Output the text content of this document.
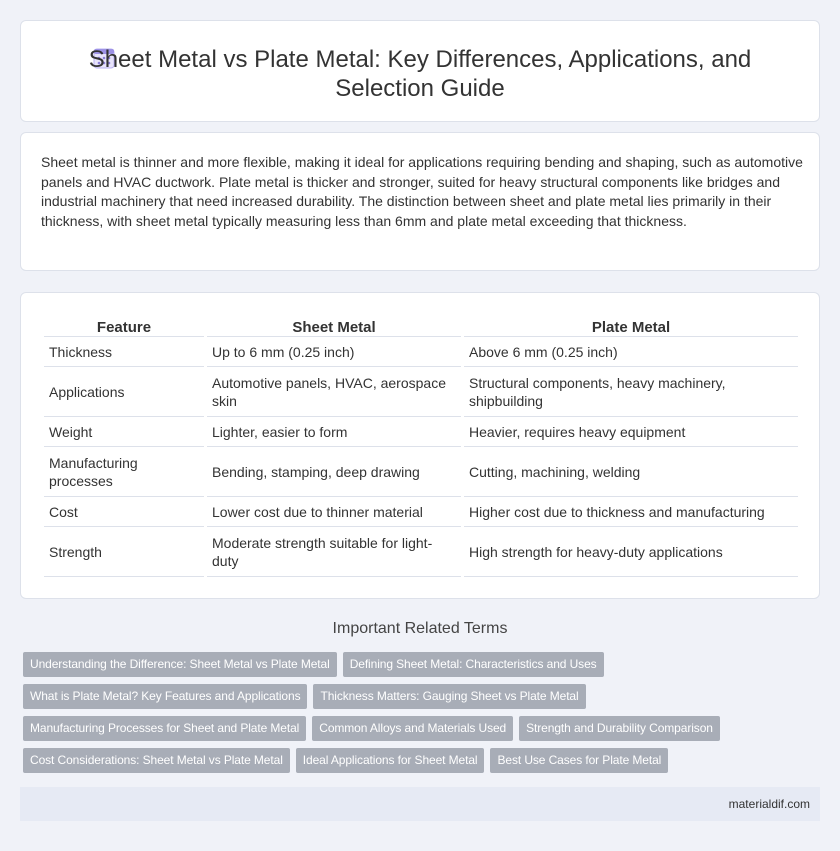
Sheet Metal vs Plate Metal: Key Differences, Applications, and Selection Guide

Sheet metal is thinner and more flexible, making it ideal for applications requiring bending and shaping, such as automotive panels and HVAC ductwork. Plate metal is thicker and stronger, suited for heavy structural components like bridges and industrial machinery that need increased durability. The distinction between sheet and plate metal lies primarily in their thickness, with sheet metal typically measuring less than 6mm and plate metal exceeding that thickness.

Feature	Sheet Metal	Plate Metal
Thickness	Up to 6 mm (0.25 inch)	Above 6 mm (0.25 inch)
Applications	Automotive panels, HVAC, aerospace skin	Structural components, heavy machinery, shipbuilding
Weight	Lighter, easier to form	Heavier, requires heavy equipment
Manufacturing processes	Bending, stamping, deep drawing	Cutting, machining, welding
Cost	Lower cost due to thinner material	Higher cost due to thickness and manufacturing
Strength	Moderate strength suitable for light-duty	High strength for heavy-duty applications
Important Related Terms
Understanding the Difference: Sheet Metal vs Plate Metal Defining Sheet Metal: Characteristics and Uses
What is Plate Metal? Key Features and Applications Thickness Matters: Gauging Sheet vs Plate Metal
Manufacturing Processes for Sheet and Plate Metal Common Alloys and Materials Used Strength and Durability Comparison
Cost Considerations: Sheet Metal vs Plate Metal Ideal Applications for Sheet Metal Best Use Cases for Plate Metal
materialdif.com
